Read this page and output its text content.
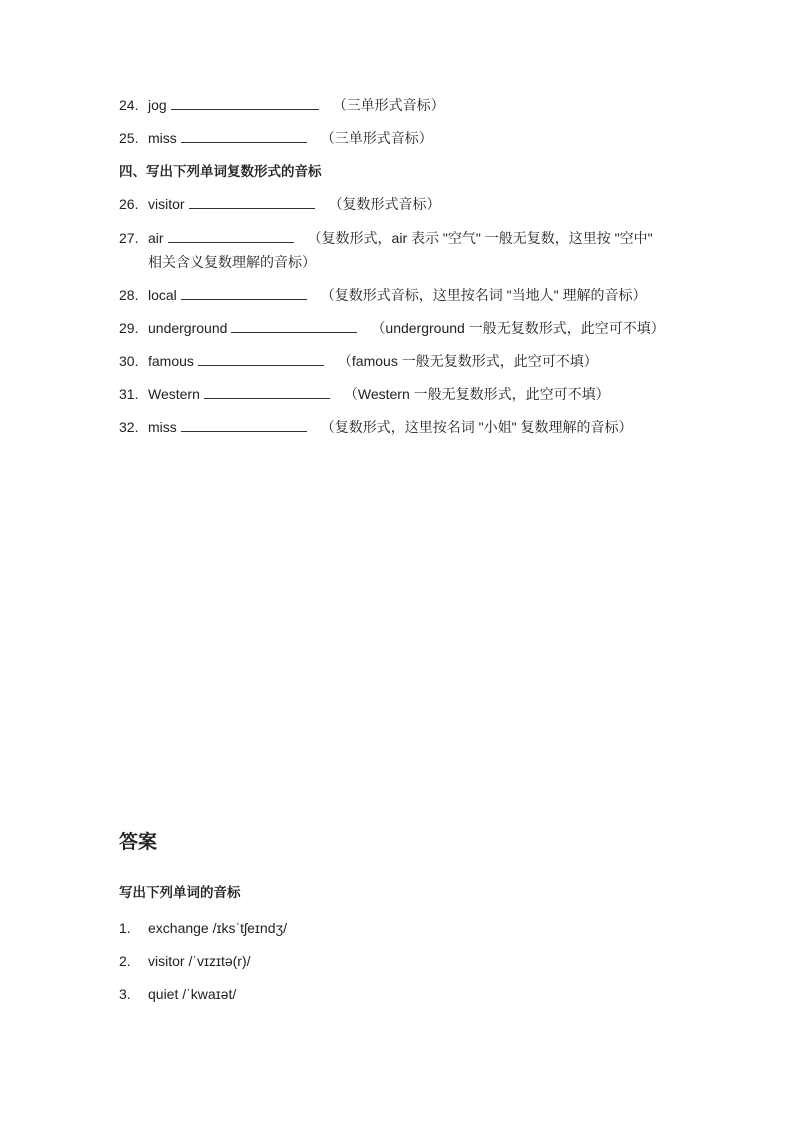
24. jog	（三单形式音标）
25. miss	（三单形式音标）
四、写出下列单词复数形式的音标
26. visitor	（复数形式音标）
27. air	（复数形式，air 表示 "空气" 一般无复数，这里按 "空中"
相关含义复数理解的音标）
28. local	（复数形式音标，这里按名词 "当地人" 理解的音标）
29. underground	（underground 一般无复数形式，此空可不填）
30. famous	（famous 一般无复数形式，此空可不填）
31. Western	（Western 一般无复数形式，此空可不填）
32. miss	（复数形式，这里按名词 "小姐" 复数理解的音标）
答案
写出下列单词的音标
1. exchange /ɪksˈtʃeɪndʒ/
2. visitor /ˈvɪzɪtə(r)/
3. quiet /ˈkwaɪət/
